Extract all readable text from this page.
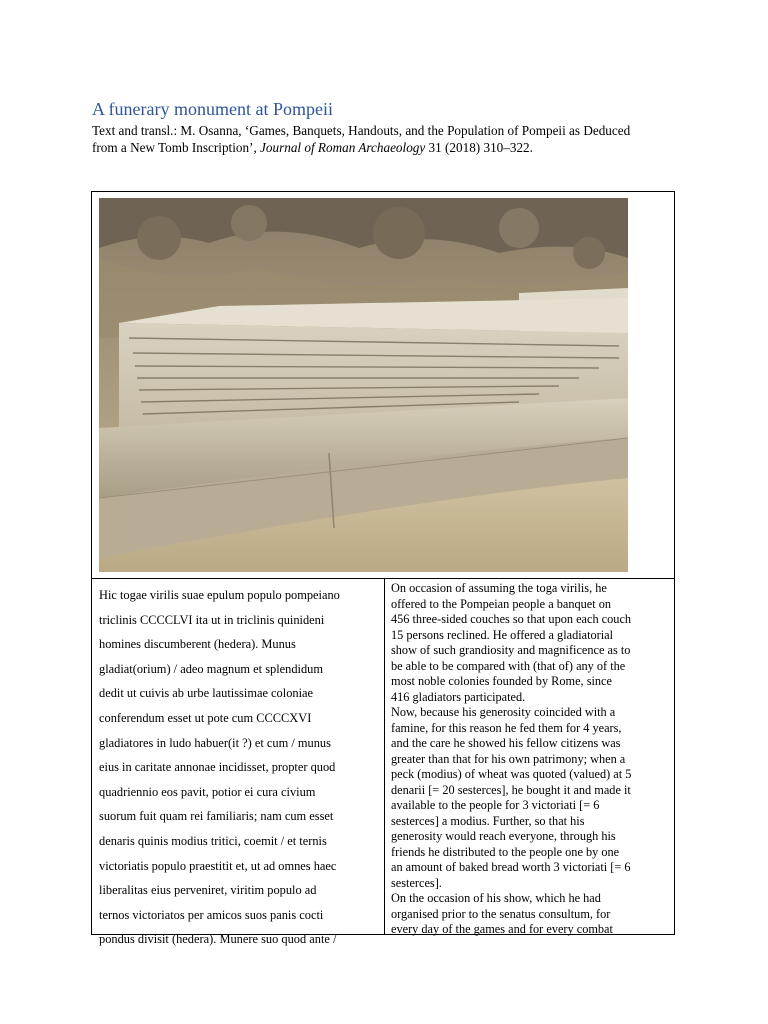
A funerary monument at Pompeii
Text and transl.: M. Osanna, ‘Games, Banquets, Handouts, and the Population of Pompeii as Deduced
from a New Tomb Inscription’, Journal of Roman Archaeology 31 (2018) 310–322.

Hic togae virilis suae epulum populo pompeiano

triclinis CCCCLVI ita ut in triclinis quinideni

homines discumberent (hedera). Munus

gladiat(orium) / adeo magnum et splendidum

dedit ut cuivis ab urbe lautissimae coloniae

conferendum esset ut pote cum CCCCXVI

gladiatores in ludo habuer(it ?) et cum / munus

eius in caritate annonae incidisset, propter quod

quadriennio eos pavit, potior ei cura civium

suorum fuit quam rei familiaris; nam cum esset

denaris quinis modius tritici, coemit / et ternis

victoriatis populo praestitit et, ut ad omnes haec

liberalitas eius perveniret, viritim populo ad

ternos victoriatos per amicos suos panis cocti

pondus divisit (hedera). Munere suo quod ante /

On occasion of assuming the toga virilis, he

offered to the Pompeian people a banquet on

456 three-sided couches so that upon each couch

15 persons reclined. He offered a gladiatorial

show of such grandiosity and magnificence as to

be able to be compared with (that of) any of the

most noble colonies founded by Rome, since

416 gladiators participated.

Now, because his generosity coincided with a

famine, for this reason he fed them for 4 years,

and the care he showed his fellow citizens was

greater than that for his own patrimony; when a

peck (modius) of wheat was quoted (valued) at 5

denarii [= 20 sesterces], he bought it and made it

available to the people for 3 victoriati [= 6

sesterces] a modius. Further, so that his

generosity would reach everyone, through his

friends he distributed to the people one by one

an amount of baked bread worth 3 victoriati [= 6

sesterces].

On the occasion of his show, which he had

organised prior to the senatus consultum, for

every day of the games and for every combat
